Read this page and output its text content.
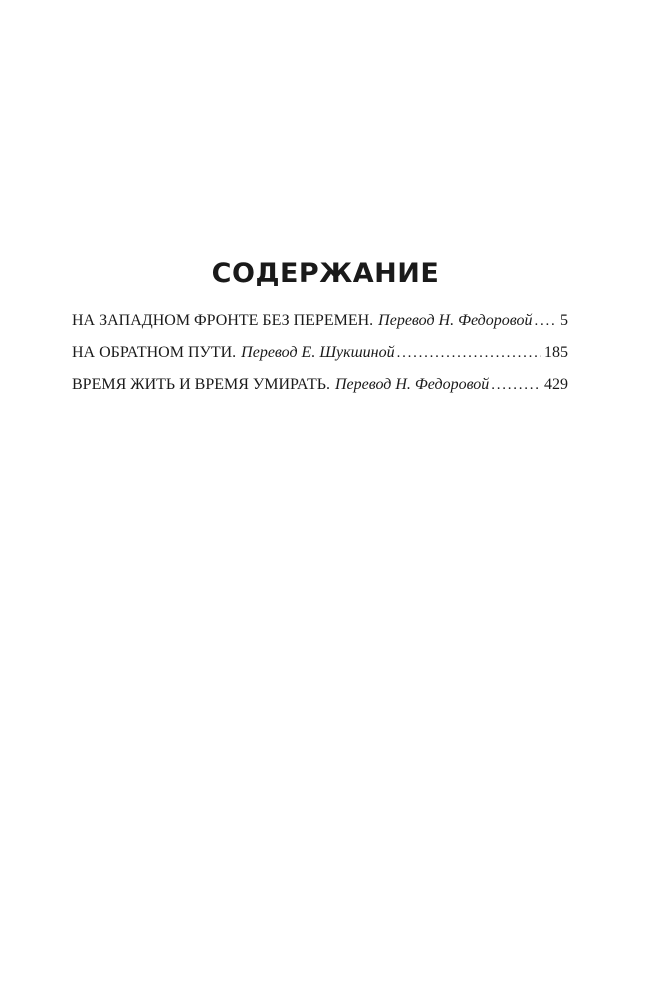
СОДЕРЖАНИЕ
НА ЗАПАДНОМ ФРОНТЕ БЕЗ ПЕРЕМЕН. Перевод Н. Федоровой . . . 5
НА ОБРАТНОМ ПУТИ. Перевод Е. Шукшиной . . .	185
ВРЕМЯ ЖИТЬ И ВРЕМЯ УМИРАТЬ. Перевод Н. Федоровой . . .	429
